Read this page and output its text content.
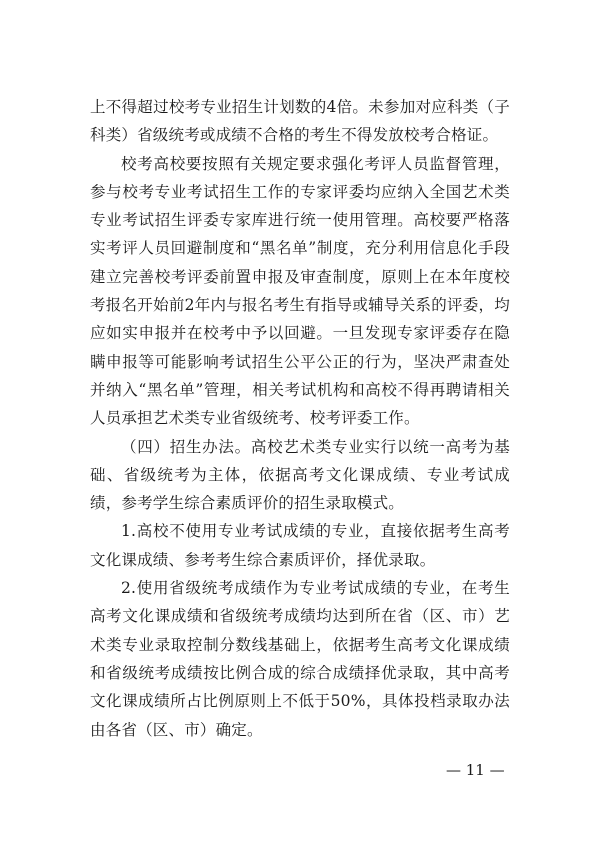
上不得超过校考专业招生计划数的4倍。未参加对应科类（子科类）省级统考或成绩不合格的考生不得发放校考合格证。

校考高校要按照有关规定要求强化考评人员监督管理，参与校考专业考试招生工作的专家评委均应纳入全国艺术类专业考试招生评委专家库进行统一使用管理。高校要严格落实考评人员回避制度和“黑名单”制度，充分利用信息化手段建立完善校考评委前置申报及审查制度，原则上在本年度校考报名开始前2年内与报名考生有指导或辅导关系的评委，均应如实申报并在校考中予以回避。一旦发现专家评委存在隐瞒申报等可能影响考试招生公平公正的行为，坚决严肃查处并纳入“黑名单”管理，相关考试机构和高校不得再聘请相关人员承担艺术类专业省级统考、校考评委工作。

（四）招生办法。高校艺术类专业实行以统一高考为基础、省级统考为主体，依据高考文化课成绩、专业考试成绩，参考学生综合素质评价的招生录取模式。

1.高校不使用专业考试成绩的专业，直接依据考生高考文化课成绩、参考考生综合素质评价，择优录取。

2.使用省级统考成绩作为专业考试成绩的专业，在考生高考文化课成绩和省级统考成绩均达到所在省（区、市）艺术类专业录取控制分数线基础上，依据考生高考文化课成绩和省级统考成绩按比例合成的综合成绩择优录取，其中高考文化课成绩所占比例原则上不低于50%，具体投档录取办法由各省（区、市）确定。

— 11 —
